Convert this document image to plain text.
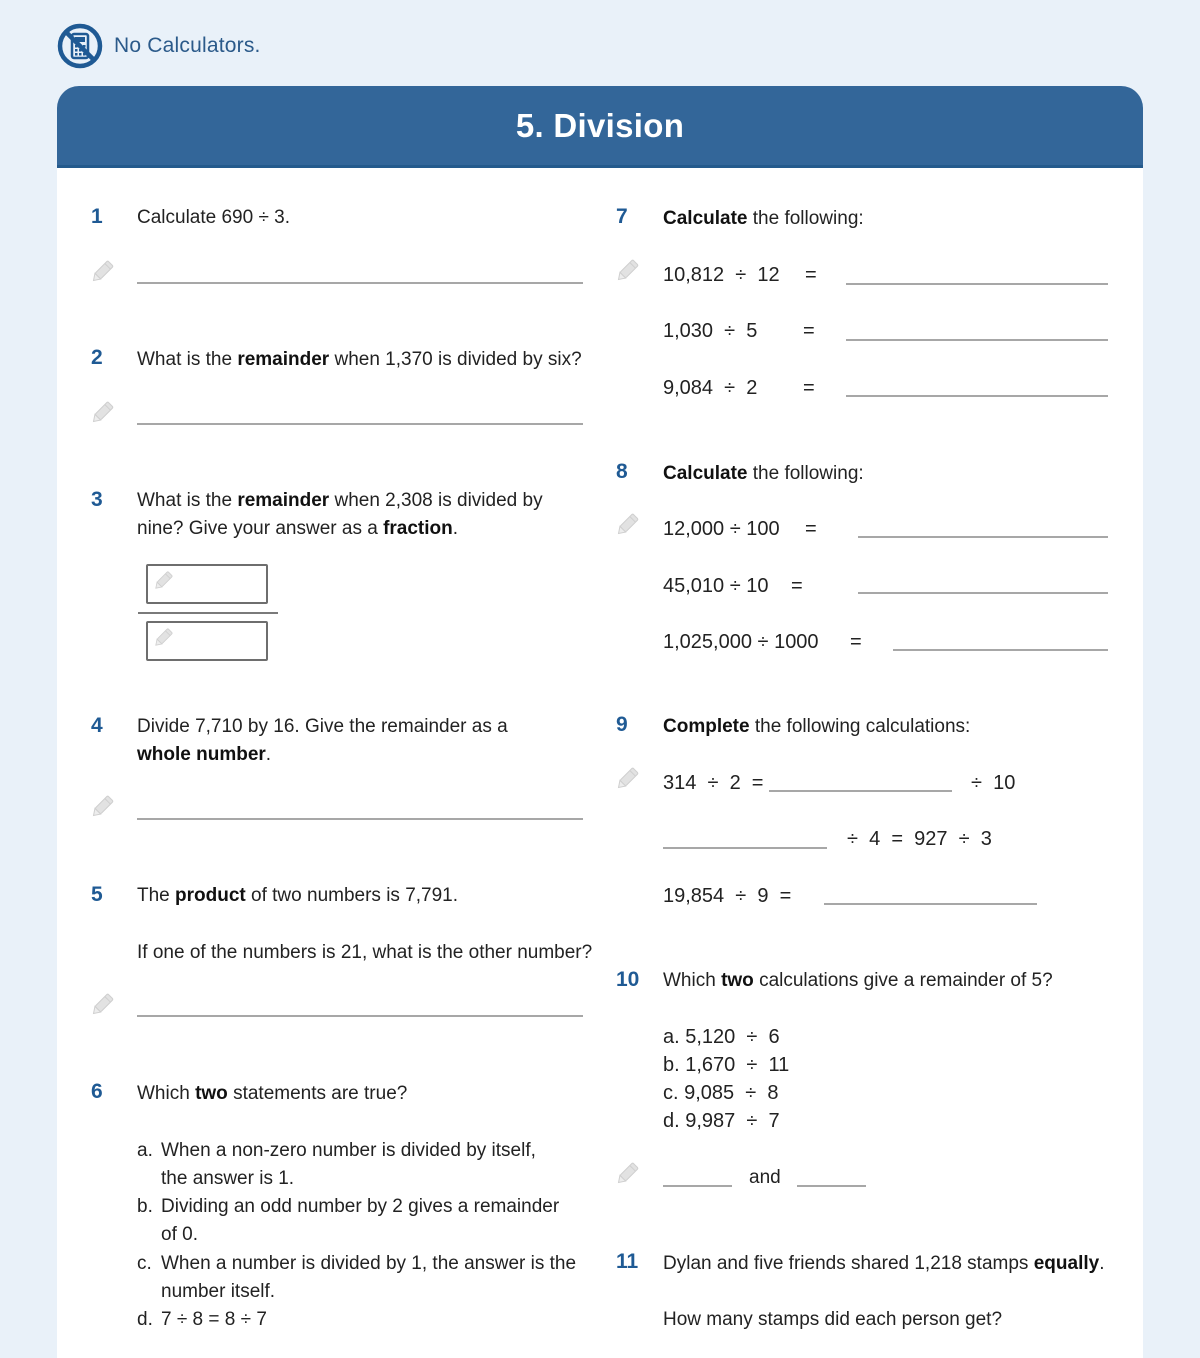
No Calculators.
5. Division
1 Calculate 690 ÷ 3.
2 What is the remainder when 1,370 is divided by six?
3 What is the remainder when 2,308 is divided by nine? Give your answer as a fraction.
4 Divide 7,710 by 16. Give the remainder as a whole number.
5 The product of two numbers is 7,791.
If one of the numbers is 21, what is the other number?
6 Which two statements are true?
a. When a non-zero number is divided by itself,
the answer is 1.
b. Dividing an odd number by 2 gives a remainder
of 0.
c. When a number is divided by 1, the answer is the
number itself.
d. 7 ÷ 8 = 8 ÷ 7
7 Calculate the following:
10,812  ÷  12 =
1,030  ÷  5 =
9,084  ÷  2 =
8 Calculate the following:
12,000 ÷ 100 =
45,010 ÷ 10 =
1,025,000 ÷ 1000 =
9 Complete the following calculations:
314  ÷  2  =	÷  10
÷  4  =  927  ÷  3
19,854  ÷  9  =
10 Which two calculations give a remainder of 5?
a. 5,120  ÷  6
b. 1,670  ÷  11
c. 9,085  ÷  8
d. 9,987  ÷  7
and
11 Dylan and five friends shared 1,218 stamps equally.
How many stamps did each person get?
